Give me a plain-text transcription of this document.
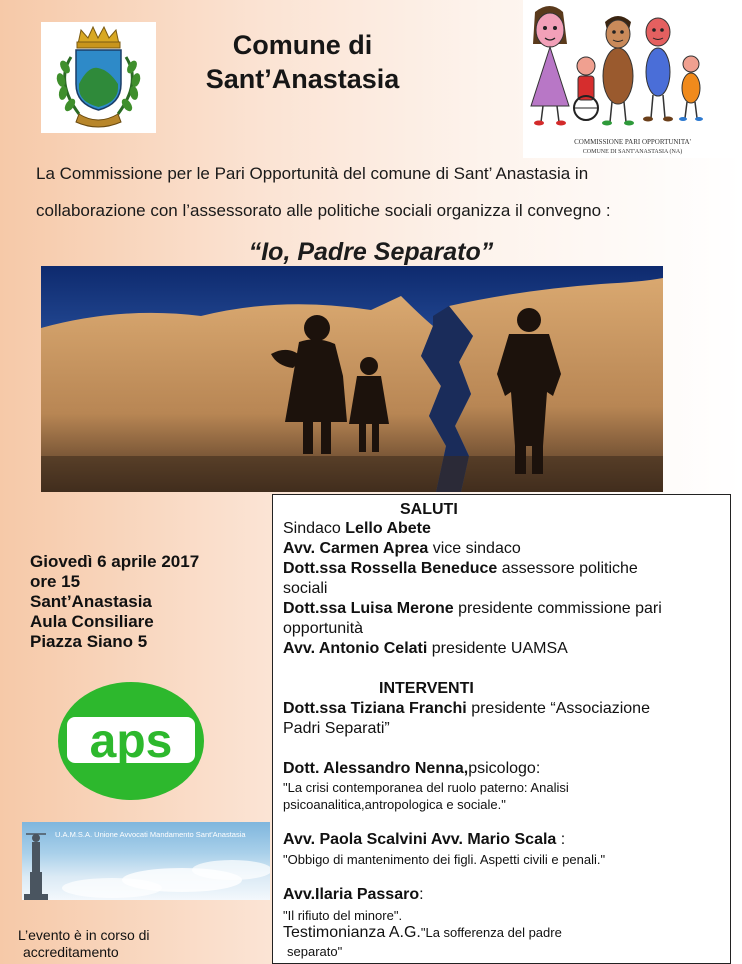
Comune di
Sant’Anastasia
COMMISSIONE PARI OPPORTUNITA'
COMUNE DI SANT'ANASTASIA (NA)
La Commissione per le Pari Opportunità del comune di Sant’ Anastasia in
collaborazione con l’assessorato alle politiche sociali organizza il convegno :
“Io, Padre Separato”
Giovedì 6 aprile 2017
ore 15
Sant’Anastasia
Aula Consiliare
Piazza Siano 5
aps
U.A.M.S.A. Unione Avvocati Mandamento Sant'Anastasia
L’evento è in corso di
accreditamento
SALUTI
Sindaco Lello Abete
Avv. Carmen Aprea vice sindaco
Dott.ssa Rossella Beneduce assessore politiche
sociali
Dott.ssa Luisa Merone presidente commissione pari
opportunità
Avv. Antonio Celati presidente UAMSA
INTERVENTI
Dott.ssa Tiziana Franchi presidente “Associazione
Padri Separati”
Dott. Alessandro Nenna,psicologo:
"La crisi contemporanea del ruolo paterno: Analisi
psicoanalitica,antropologica e sociale."
Avv. Paola Scalvini Avv. Mario Scala :
"Obbigo di mantenimento dei figli. Aspetti civili e penali."
Avv.Ilaria Passaro:
"Il rifiuto del minore".
Testimonianza A.G."La sofferenza del padre
separato"
